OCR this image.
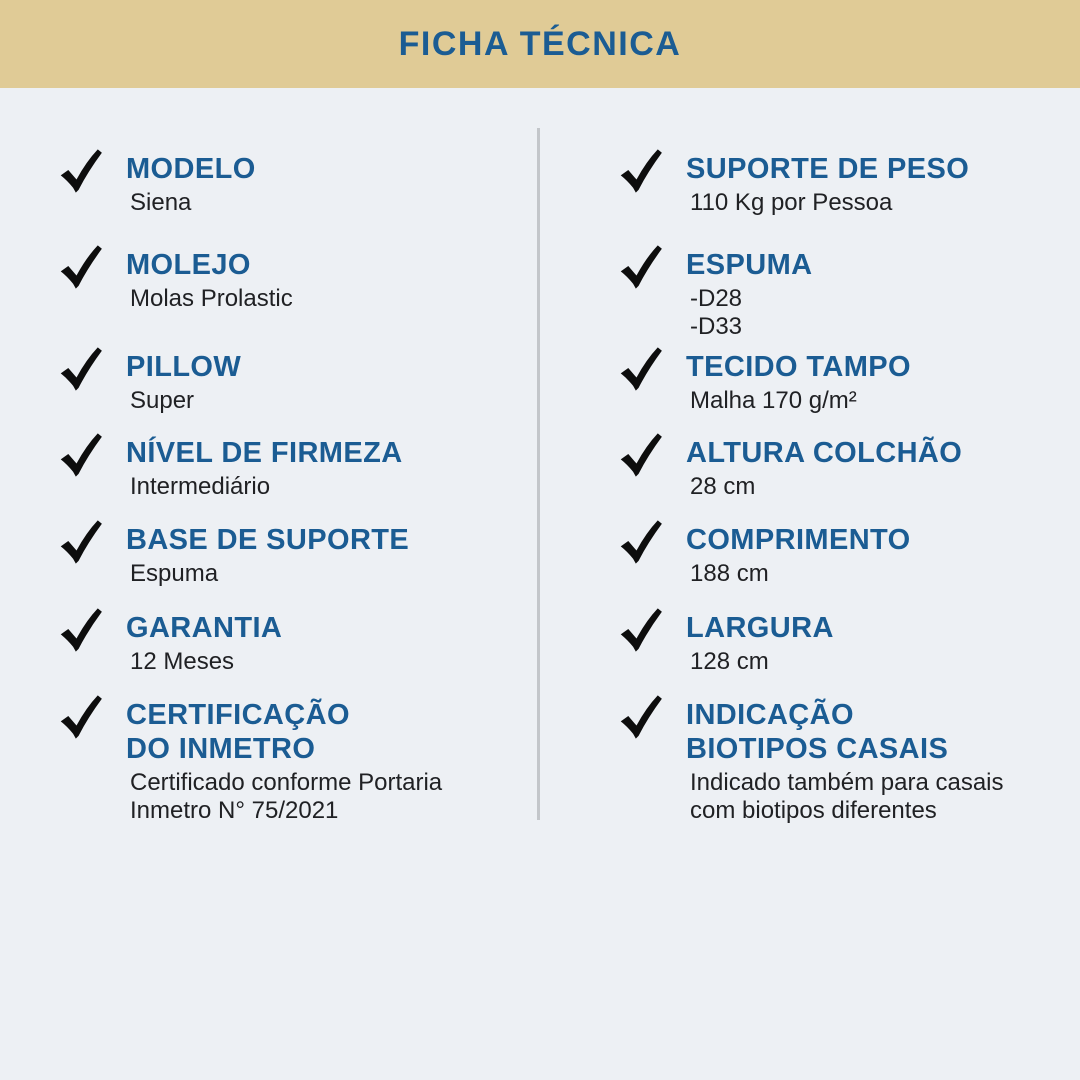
FICHA TÉCNICA
MODELO
Siena
MOLEJO
Molas Prolastic
PILLOW
Super
NÍVEL DE FIRMEZA
Intermediário
BASE DE SUPORTE
Espuma
GARANTIA
12 Meses
CERTIFICAÇÃO
DO INMETRO
Certificado conforme Portaria
Inmetro N° 75/2021
SUPORTE DE PESO
110 Kg por Pessoa
ESPUMA
-D28
-D33
TECIDO TAMPO
Malha 170 g/m²
ALTURA COLCHÃO
28 cm
COMPRIMENTO
188 cm
LARGURA
128 cm
INDICAÇÃO
BIOTIPOS CASAIS
Indicado também para casais
com biotipos diferentes
